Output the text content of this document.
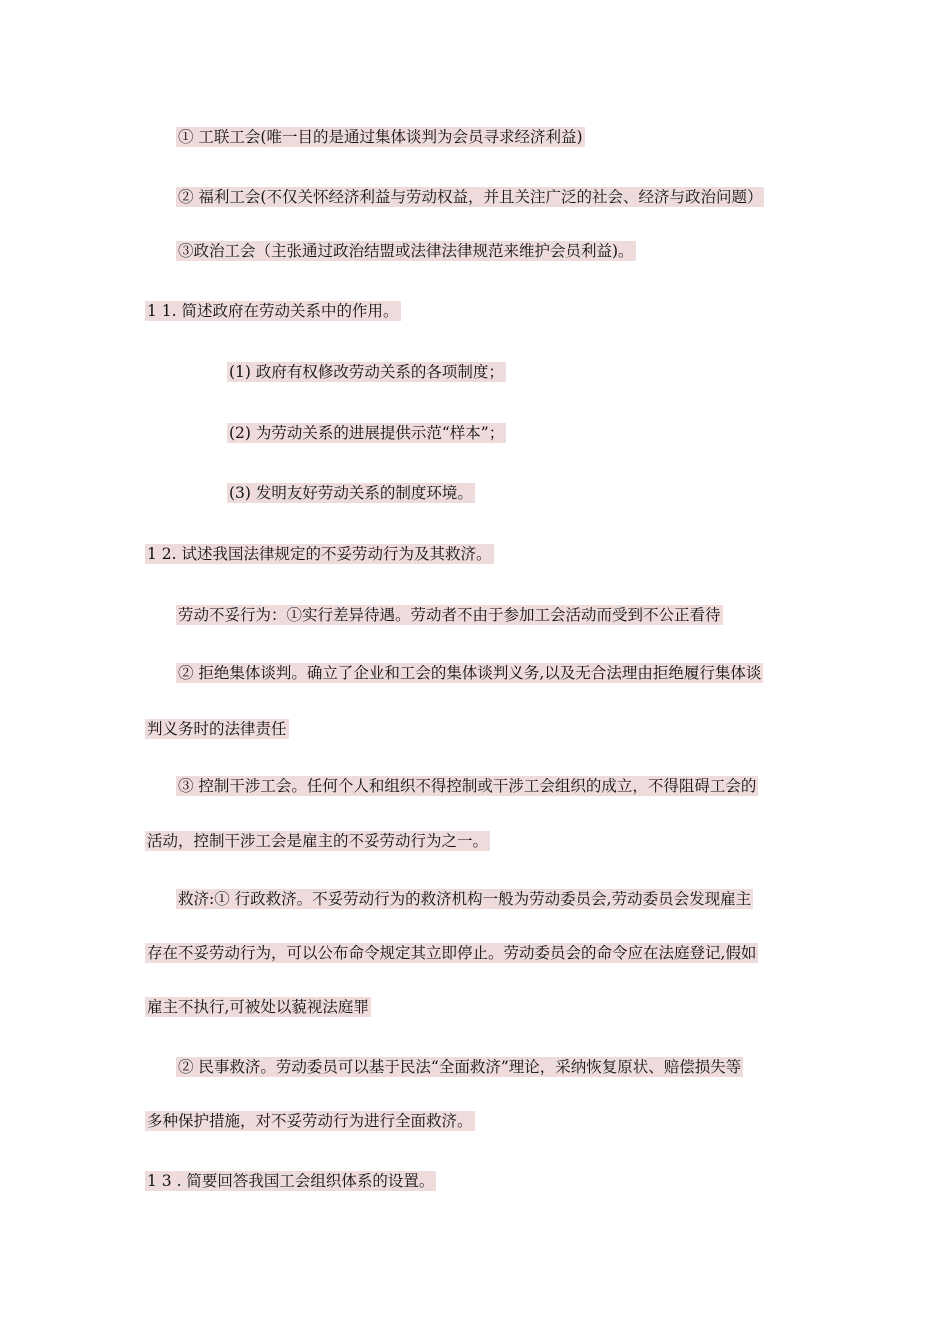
① 工联工会(唯一目的是通过集体谈判为会员寻求经济利益)
② 福利工会(不仅关怀经济利益与劳动权益，并且关注广泛的社会、经济与政治问题）
③政治工会（主张通过政治结盟或法律法律规范来维护会员利益)。
1 1. 简述政府在劳动关系中的作用。
(1) 政府有权修改劳动关系的各项制度；
(2) 为劳动关系的进展提供示范“样本”；
(3) 发明友好劳动关系的制度环境。
1 2. 试述我国法律规定的不妥劳动行为及其救济。
劳动不妥行为：①实行差异待遇。劳动者不由于参加工会活动而受到不公正看待
② 拒绝集体谈判。确立了企业和工会的集体谈判义务,以及无合法理由拒绝履行集体谈
判义务时的法律责任
③ 控制干涉工会。任何个人和组织不得控制或干涉工会组织的成立，不得阻碍工会的
活动，控制干涉工会是雇主的不妥劳动行为之一。
救济:① 行政救济。不妥劳动行为的救济机构一般为劳动委员会,劳动委员会发现雇主
存在不妥劳动行为，可以公布命令规定其立即停止。劳动委员会的命令应在法庭登记,假如
雇主不执行,可被处以藐视法庭罪
② 民事救济。劳动委员可以基于民法“全面救济”理论，采纳恢复原状、赔偿损失等
多种保护措施，对不妥劳动行为进行全面救济。
1 3 . 简要回答我国工会组织体系的设置。
